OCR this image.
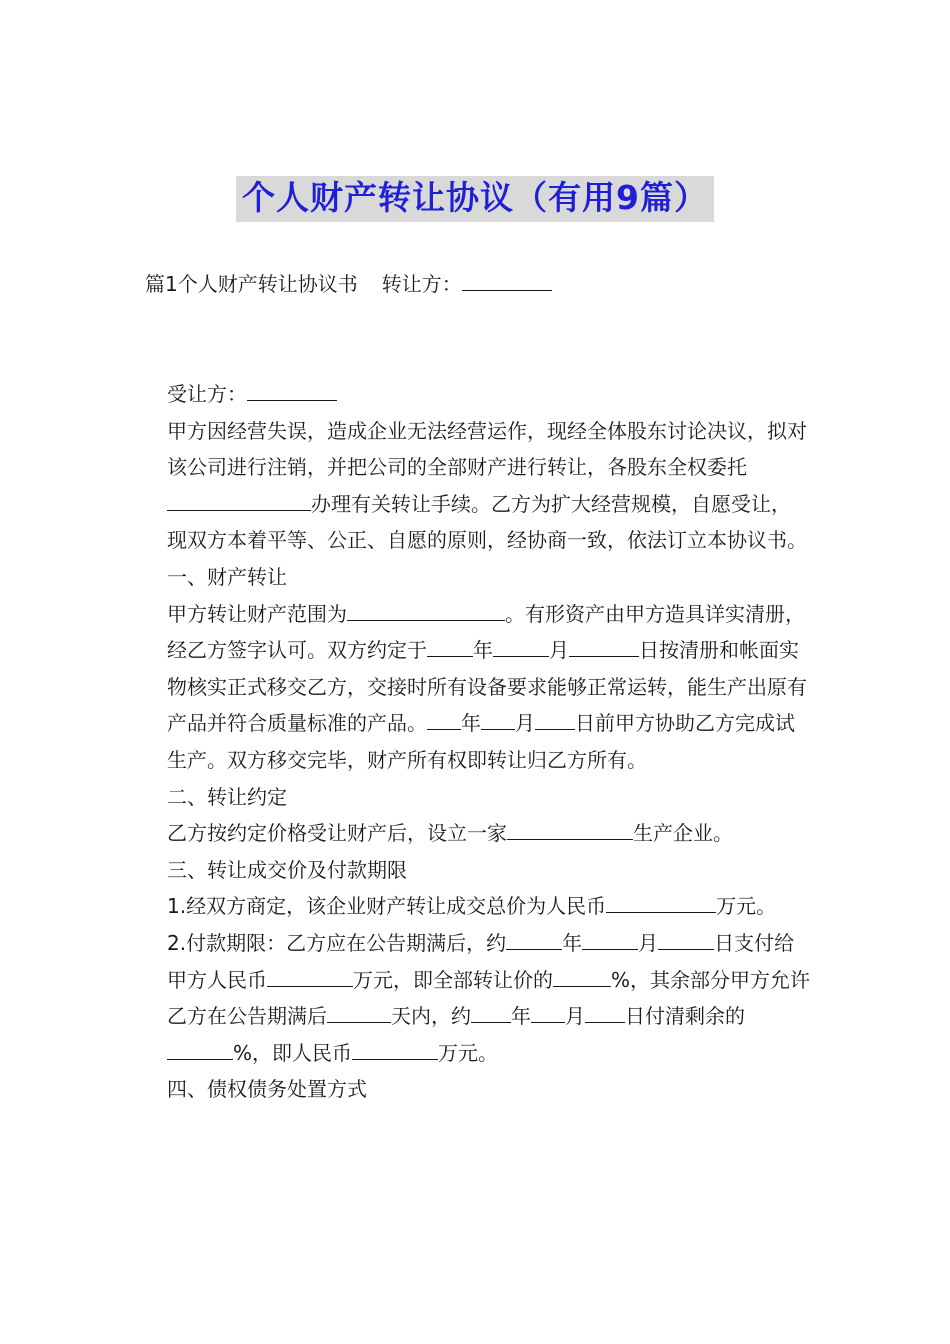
个人财产转让协议（有用9篇）

篇1个人财产转让协议书 转让方：

受让方：

甲方因经营失误，造成企业无法经营运作，现经全体股东讨论决议，拟对该公司进行注销，并把公司的全部财产进行转让，各股东全权委托办理有关转让手续。乙方为扩大经营规模，自愿受让，现双方本着平等、公正、自愿的原则，经协商一致，依法订立本协议书。

一、财产转让

甲方转让财产范围为	。有形资产由甲方造具详实清册，经乙方签字认可。双方约定于 年	月	日按清册和帐面实物核实正式移交乙方，交接时所有设备要求能够正常运转，能生产出原有产品并符合质量标准的产品。 年 月 日前甲方协助乙方完成试生产。双方移交完毕，财产所有权即转让归乙方所有。

二、转让约定

乙方按约定价格受让财产后，设立一家	生产企业。

三、转让成交价及付款期限

1.经双方商定，该企业财产转让成交总价为人民币	万元。

2.付款期限：乙方应在公告期满后，约	年	月	日支付给甲方人民币	万元，即全部转让价的	%，其余部分甲方允许乙方在公告期满后	天内，约 年 月 日付清剩余的%，即人民币	万元。

四、债权债务处置方式
